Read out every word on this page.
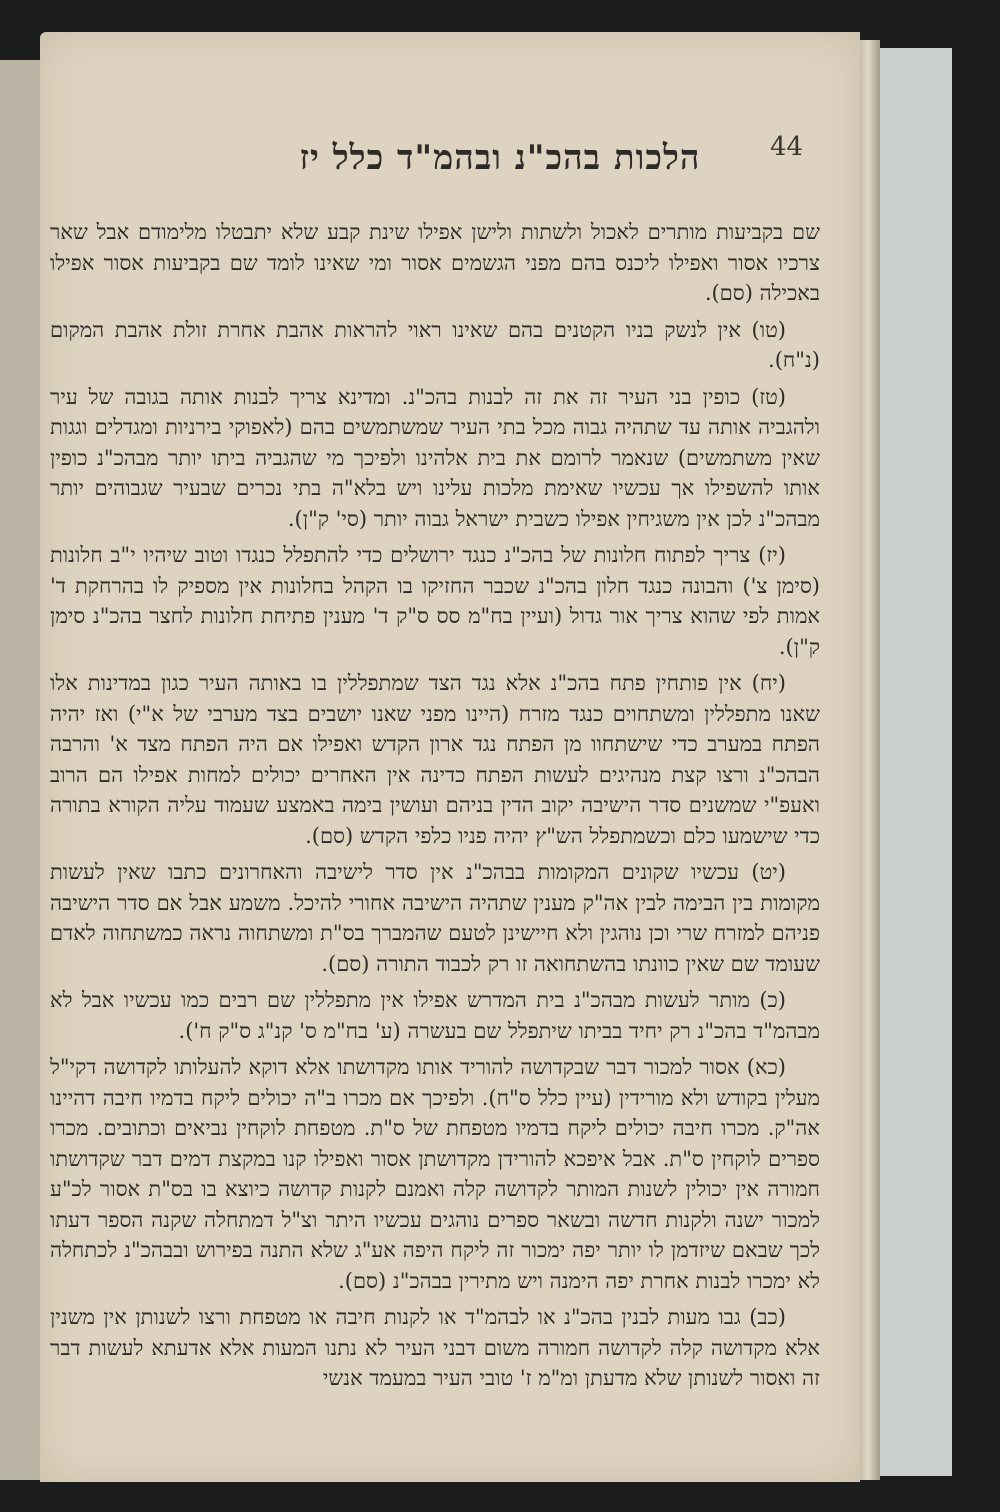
44
הלכות בהכ"נ ובהמ"ד כלל יז

שם בקביעות מותרים לאכול ולשתות ולישן אפילו שינת קבע שלא יתבטלו מלימודם אבל שאר צרכיו אסור ואפילו ליכנס בהם מפני הגשמים אסור ומי שאינו לומד שם בקביעות אסור אפילו באכילה (סם).

(טו) אין לנשק בניו הקטנים בהם שאינו ראוי להראות אהבת אחרת זולת אהבת המקום (נ"ח).

(טז) כופין בני העיר זה את זה לבנות בהכ"נ. ומדינא צריך לבנות אותה בגובה של עיר ולהגביה אותה עד שתהיה גבוה מכל בתי העיר שמשתמשים בהם (לאפוקי בירניות ומגדלים וגגות שאין משתמשים) שנאמר לרומם את בית אלהינו ולפיכך מי שהגביה ביתו יותר מבהכ"נ כופין אותו להשפילו אך עכשיו שאימת מלכות עלינו ויש בלא"ה בתי נכרים שבעיר שגבוהים יותר מבהכ"נ לכן אין משגיחין אפילו כשבית ישראל גבוה יותר (סי' ק"ן).

(יז) צריך לפתוח חלונות של בהכ"נ כנגד ירושלים כדי להתפלל כנגדו וטוב שיהיו י"ב חלונות (סימן צ') והבונה כנגד חלון בהכ"נ שכבר החזיקו בו הקהל בחלונות אין מספיק לו בהרחקת ד' אמות לפי שהוא צריך אור גדול (ועיין בח"מ סס ס"ק ד' מענין פתיחת חלונות לחצר בהכ"נ סימן ק"ן).

(יח) אין פותחין פתח בהכ"נ אלא נגד הצד שמתפללין בו באותה העיר כגון במדינות אלו שאנו מתפללין ומשתחוים כנגד מזרח (היינו מפני שאנו יושבים בצד מערבי של א"י) ואז יהיה הפתח במערב כדי שישתחוו מן הפתח נגד ארון הקדש ואפילו אם היה הפתח מצד א' והרבה הבהכ"נ ורצו קצת מנהיגים לעשות הפתח כדינה אין האחרים יכולים למחות אפילו הם הרוב ואעפ"י שמשנים סדר הישיבה יקוב הדין בניהם ועושין בימה באמצע שעמוד עליה הקורא בתורה כדי שישמעו כלם וכשמתפלל הש"ץ יהיה פניו כלפי הקדש (סם).

(יט) עכשיו שקונים המקומות בבהכ"נ אין סדר לישיבה והאחרונים כתבו שאין לעשות מקומות בין הבימה לבין אה"ק מענין שתהיה הישיבה אחורי להיכל. משמע אבל אם סדר הישיבה פניהם למזרח שרי וכן נוהגין ולא חיישינן לטעם שהמברך בס"ת ומשתחוה נראה כמשתחוה לאדם שעומד שם שאין כוונתו בהשתחואה זו רק לכבוד התורה (סם).

(כ) מותר לעשות מבהכ"נ בית המדרש אפילו אין מתפללין שם רבים כמו עכשיו אבל לא מבהמ"ד בהכ"נ רק יחיד בביתו שיתפלל שם בעשרה (ע' בח"מ ס' קנ"ג ס"ק ח').

(כא) אסור למכור דבר שבקדושה להוריד אותו מקדושתו אלא דוקא להעלותו לקדושה דקי"ל מעלין בקודש ולא מורידין (עיין כלל ס"ח). ולפיכך אם מכרו ב"ה יכולים ליקח בדמיו חיבה דהיינו אה"ק. מכרו חיבה יכולים ליקח בדמיו מטפחת של ס"ת. מטפחת לוקחין נביאים וכתובים. מכרו ספרים לוקחין ס"ת. אבל איפכא להורידן מקדושתן אסור ואפילו קנו במקצת דמים דבר שקדושתו חמורה אין יכולין לשנות המותר לקדושה קלה ואמנם לקנות קדושה כיוצא בו בס"ת אסור לכ"ע למכור ישנה ולקנות חדשה ובשאר ספרים נוהגים עכשיו היתר וצ"ל דמתחלה שקנה הספר דעתו לכך שבאם שיזדמן לו יותר יפה ימכור זה ליקח היפה אע"ג שלא התנה בפירוש ובבהכ"נ לכתחלה לא ימכרו לבנות אחרת יפה הימנה ויש מתירין בבהכ"נ (סם).

(כב) גבו מעות לבנין בהכ"נ או לבהמ"ד או לקנות חיבה או מטפחת ורצו לשנותן אין משנין אלא מקדושה קלה לקדושה חמורה משום דבני העיר לא נתנו המעות אלא אדעתא לעשות דבר זה ואסור לשנותן שלא מדעתן ומ"מ ז' טובי העיר במעמד אנשי
